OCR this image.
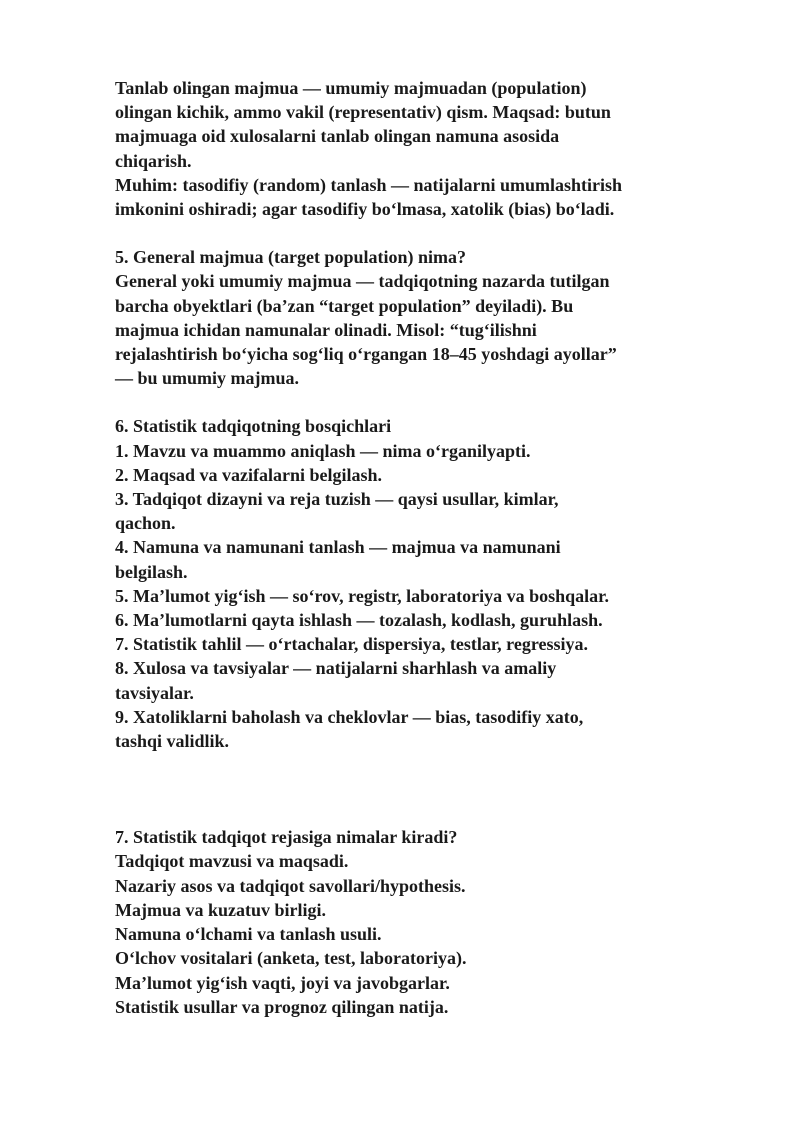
Tanlab olingan majmua — umumiy majmuadan (population)
olingan kichik, ammo vakil (representativ) qism. Maqsad: butun
majmuaga oid xulosalarni tanlab olingan namuna asosida
chiqarish.
Muhim: tasodifiy (random) tanlash — natijalarni umumlashtirish
imkonini oshiradi; agar tasodifiy bo‘lmasa, xatolik (bias) bo‘ladi.
5. General majmua (target population) nima?
General yoki umumiy majmua — tadqiqotning nazarda tutilgan
barcha obyektlari (ba’zan “target population” deyiladi). Bu
majmua ichidan namunalar olinadi. Misol: “tug‘ilishni
rejalashtirish bo‘yicha sog‘liq o‘rgangan 18–45 yoshdagi ayollar”
— bu umumiy majmua.
6. Statistik tadqiqotning bosqichlari
1. Mavzu va muammo aniqlash — nima o‘rganilyapti.
2. Maqsad va vazifalarni belgilash.
3. Tadqiqot dizayni va reja tuzish — qaysi usullar, kimlar,
qachon.
4. Namuna va namunani tanlash — majmua va namunani
belgilash.
5. Ma’lumot yig‘ish — so‘rov, registr, laboratoriya va boshqalar.
6. Ma’lumotlarni qayta ishlash — tozalash, kodlash, guruhlash.
7. Statistik tahlil — o‘rtachalar, dispersiya, testlar, regressiya.
8. Xulosa va tavsiyalar — natijalarni sharhlash va amaliy
tavsiyalar.
9. Xatoliklarni baholash va cheklovlar — bias, tasodifiy xato,
tashqi validlik.
7. Statistik tadqiqot rejasiga nimalar kiradi?
Tadqiqot mavzusi va maqsadi.
Nazariy asos va tadqiqot savollari/hypothesis.
Majmua va kuzatuv birligi.
Namuna o‘lchami va tanlash usuli.
O‘lchov vositalari (anketa, test, laboratoriya).
Ma’lumot yig‘ish vaqti, joyi va javobgarlar.
Statistik usullar va prognoz qilingan natija.
